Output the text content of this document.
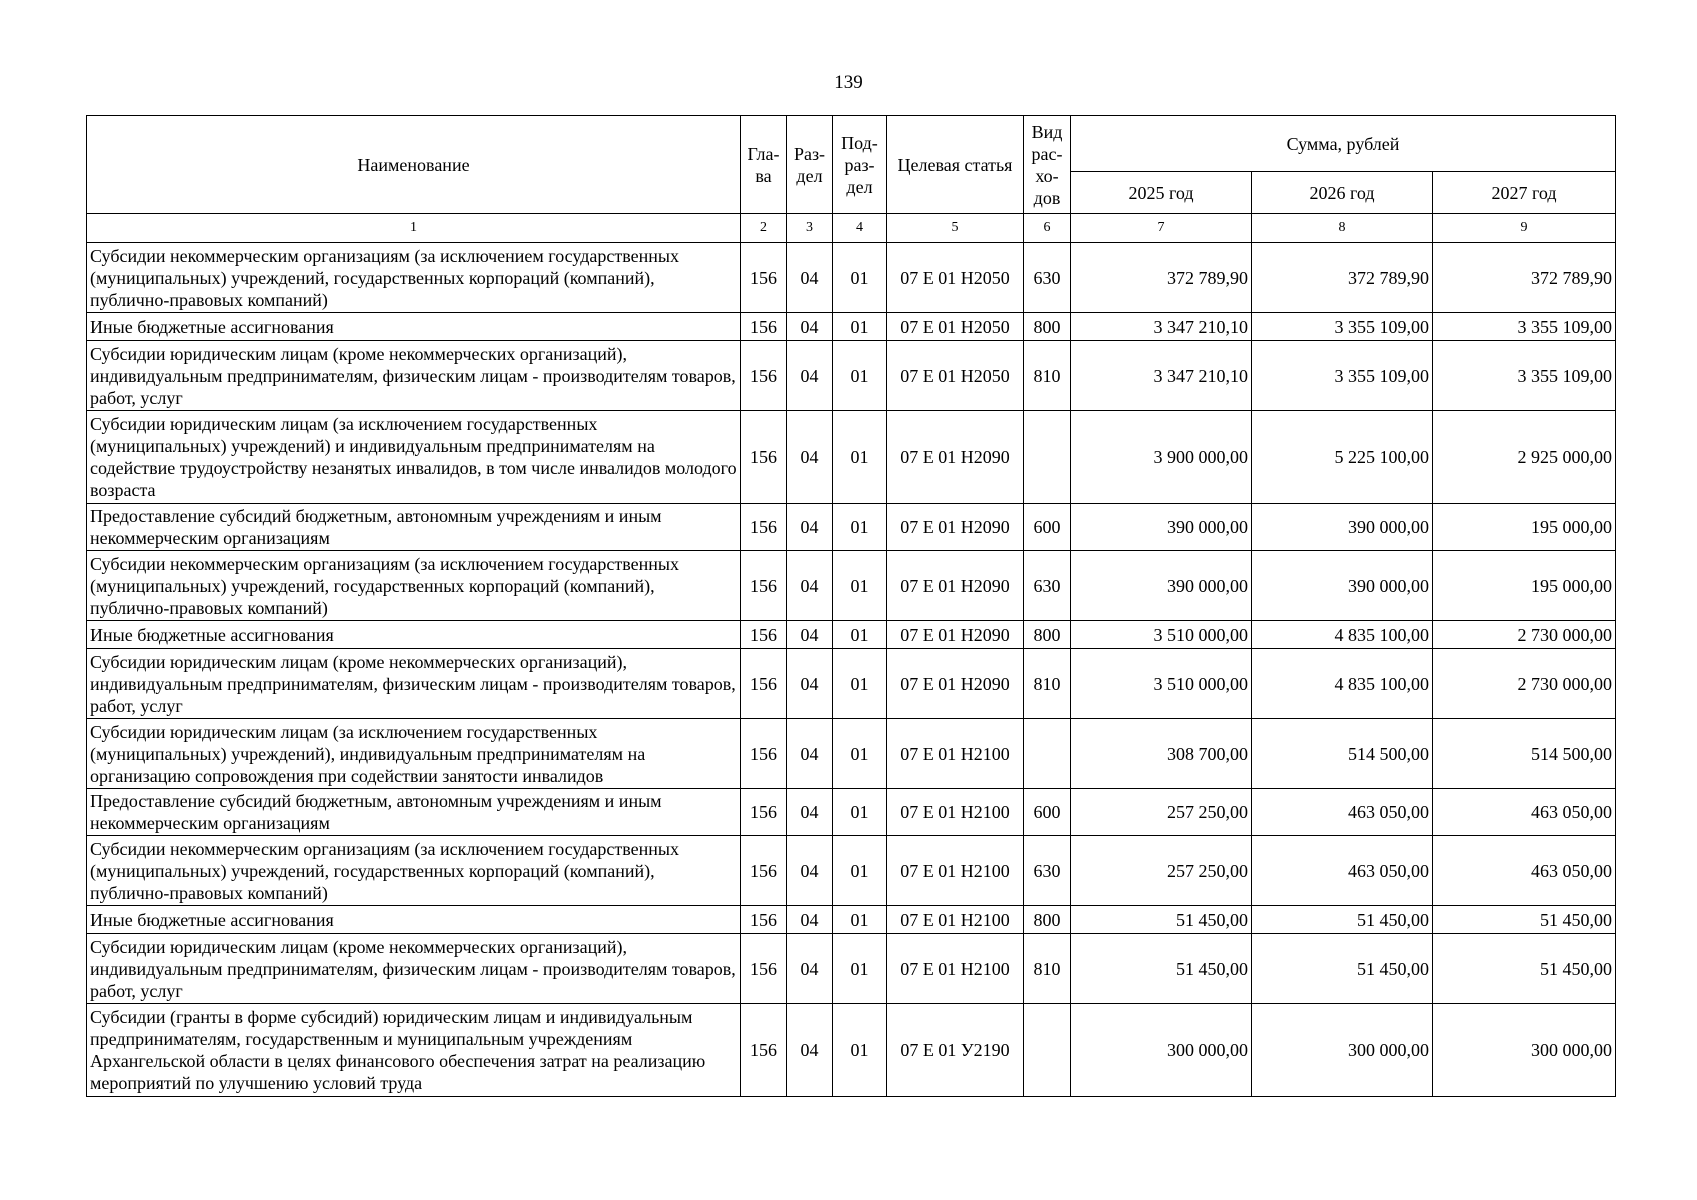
139
Наименование	Гла- ва	Раз- дел	Под- раз- дел	Целевая статья	Вид рас- хо- дов	Сумма, рублей		
						2025 год	2026 год	2027 год
1	2	3	4	5	6	7	8	9
Субсидии некоммерческим организациям (за исключением государственных (муниципальных) учреждений, государственных корпораций (компаний), публично-правовых компаний)	156	04	01	07 Е 01 Н2050	630	372 789,90	372 789,90	372 789,90
Иные бюджетные ассигнования	156	04	01	07 Е 01 Н2050	800	3 347 210,10	3 355 109,00	3 355 109,00
Субсидии юридическим лицам (кроме некоммерческих организаций), индивидуальным предпринимателям, физическим лицам - производителям товаров, работ, услуг	156	04	01	07 Е 01 Н2050	810	3 347 210,10	3 355 109,00	3 355 109,00
Субсидии юридическим лицам (за исключением государственных (муниципальных) учреждений) и индивидуальным предпринимателям на содействие трудоустройству незанятых инвалидов, в том числе инвалидов молодого возраста	156	04	01	07 Е 01 Н2090		3 900 000,00	5 225 100,00	2 925 000,00
Предоставление субсидий бюджетным, автономным учреждениям и иным некоммерческим организациям	156	04	01	07 Е 01 Н2090	600	390 000,00	390 000,00	195 000,00
Субсидии некоммерческим организациям (за исключением государственных (муниципальных) учреждений, государственных корпораций (компаний), публично-правовых компаний)	156	04	01	07 Е 01 Н2090	630	390 000,00	390 000,00	195 000,00
Иные бюджетные ассигнования	156	04	01	07 Е 01 Н2090	800	3 510 000,00	4 835 100,00	2 730 000,00
Субсидии юридическим лицам (кроме некоммерческих организаций), индивидуальным предпринимателям, физическим лицам - производителям товаров, работ, услуг	156	04	01	07 Е 01 Н2090	810	3 510 000,00	4 835 100,00	2 730 000,00
Субсидии юридическим лицам (за исключением государственных (муниципальных) учреждений), индивидуальным предпринимателям на организацию сопровождения при содействии занятости инвалидов	156	04	01	07 Е 01 Н2100		308 700,00	514 500,00	514 500,00
Предоставление субсидий бюджетным, автономным учреждениям и иным некоммерческим организациям	156	04	01	07 Е 01 Н2100	600	257 250,00	463 050,00	463 050,00
Субсидии некоммерческим организациям (за исключением государственных (муниципальных) учреждений, государственных корпораций (компаний), публично-правовых компаний)	156	04	01	07 Е 01 Н2100	630	257 250,00	463 050,00	463 050,00
Иные бюджетные ассигнования	156	04	01	07 Е 01 Н2100	800	51 450,00	51 450,00	51 450,00
Субсидии юридическим лицам (кроме некоммерческих организаций), индивидуальным предпринимателям, физическим лицам - производителям товаров, работ, услуг	156	04	01	07 Е 01 Н2100	810	51 450,00	51 450,00	51 450,00
Субсидии (гранты в форме субсидий) юридическим лицам и индивидуальным предпринимателям, государственным и муниципальным учреждениям Архангельской области в целях финансового обеспечения затрат на реализацию мероприятий по улучшению условий труда	156	04	01	07 Е 01 У2190		300 000,00	300 000,00	300 000,00
